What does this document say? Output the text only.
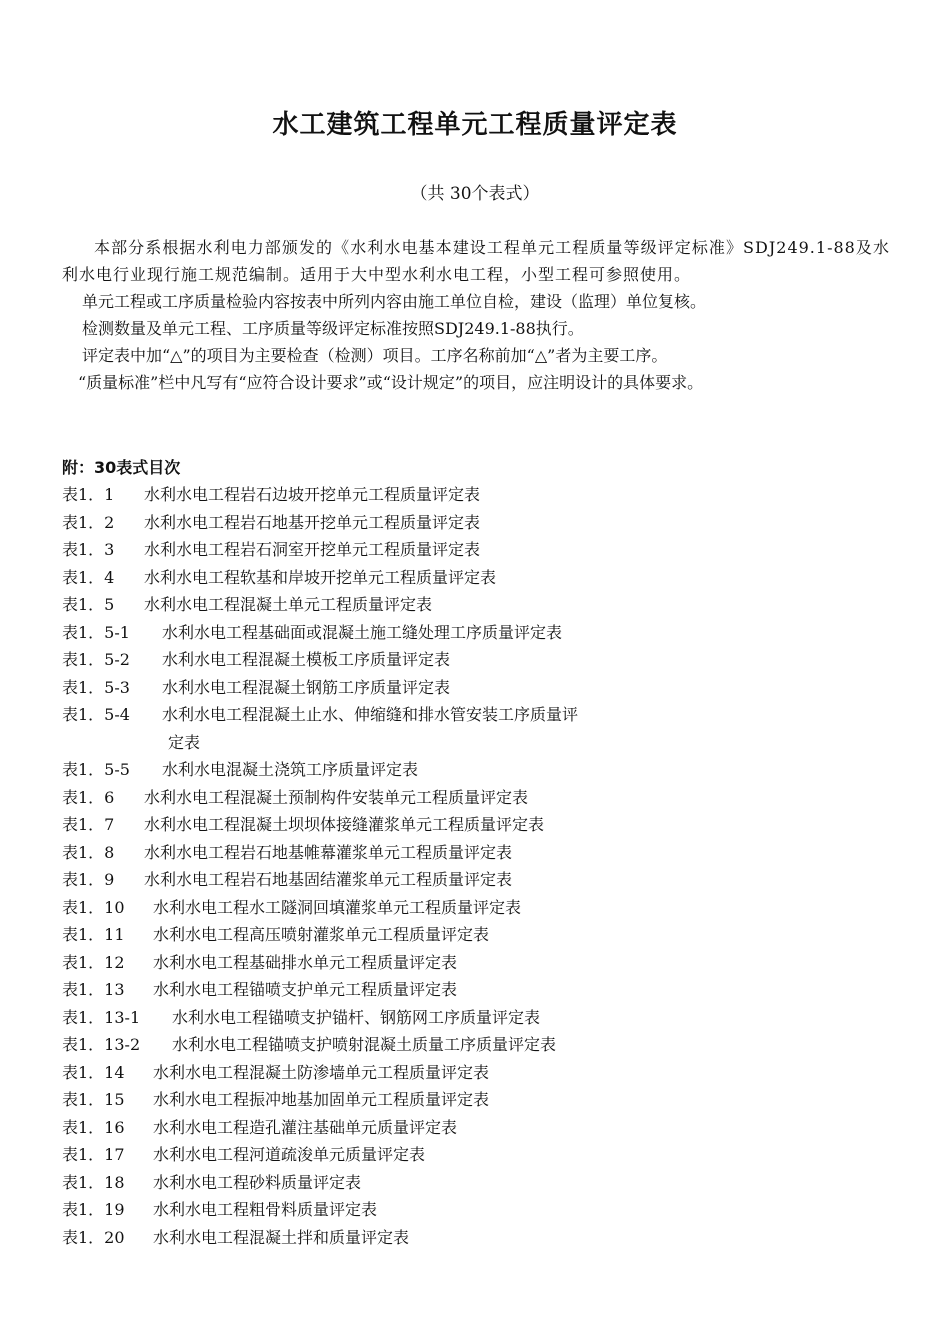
水工建筑工程单元工程质量评定表
（共 30个表式）

本部分系根据水利电力部颁发的《水利水电基本建设工程单元工程质量等级评定标准》SDJ249.1-88及水利水电行业现行施工规范编制。适用于大中型水利水电工程，小型工程可参照使用。

单元工程或工序质量检验内容按表中所列内容由施工单位自检，建设（监理）单位复核。

检测数量及单元工程、工序质量等级评定标准按照SDJ249.1-88执行。

评定表中加“△”的项目为主要检查（检测）项目。工序名称前加“△”者为主要工序。

“质量标准”栏中凡写有“应符合设计要求”或“设计规定”的项目，应注明设计的具体要求。

附：30表式目次
表1．1	水利水电工程岩石边坡开挖单元工程质量评定表
表1．2	水利水电工程岩石地基开挖单元工程质量评定表
表1．3	水利水电工程岩石洞室开挖单元工程质量评定表
表1．4	水利水电工程软基和岸坡开挖单元工程质量评定表
表1．5	水利水电工程混凝土单元工程质量评定表
表1．5-1	水利水电工程基础面或混凝土施工缝处理工序质量评定表
表1．5-2	水利水电工程混凝土模板工序质量评定表
表1．5-3	水利水电工程混凝土钢筋工序质量评定表
表1．5-4	水利水电工程混凝土止水、伸缩缝和排水管安装工序质量评
定表
表1．5-5	水利水电混凝土浇筑工序质量评定表
表1．6	水利水电工程混凝土预制构件安装单元工程质量评定表
表1．7	水利水电工程混凝土坝坝体接缝灌浆单元工程质量评定表
表1．8	水利水电工程岩石地基帷幕灌浆单元工程质量评定表
表1．9	水利水电工程岩石地基固结灌浆单元工程质量评定表
表1．10	水利水电工程水工隧洞回填灌浆单元工程质量评定表
表1．11	水利水电工程高压喷射灌浆单元工程质量评定表
表1．12	水利水电工程基础排水单元工程质量评定表
表1．13	水利水电工程锚喷支护单元工程质量评定表
表1．13-1	水利水电工程锚喷支护锚杆、钢筋网工序质量评定表
表1．13-2	水利水电工程锚喷支护喷射混凝土质量工序质量评定表
表1．14	水利水电工程混凝土防渗墙单元工程质量评定表
表1．15	水利水电工程振冲地基加固单元工程质量评定表
表1．16	水利水电工程造孔灌注基础单元质量评定表
表1．17	水利水电工程河道疏浚单元质量评定表
表1．18	水利水电工程砂料质量评定表
表1．19	水利水电工程粗骨料质量评定表
表1．20	水利水电工程混凝土拌和质量评定表
